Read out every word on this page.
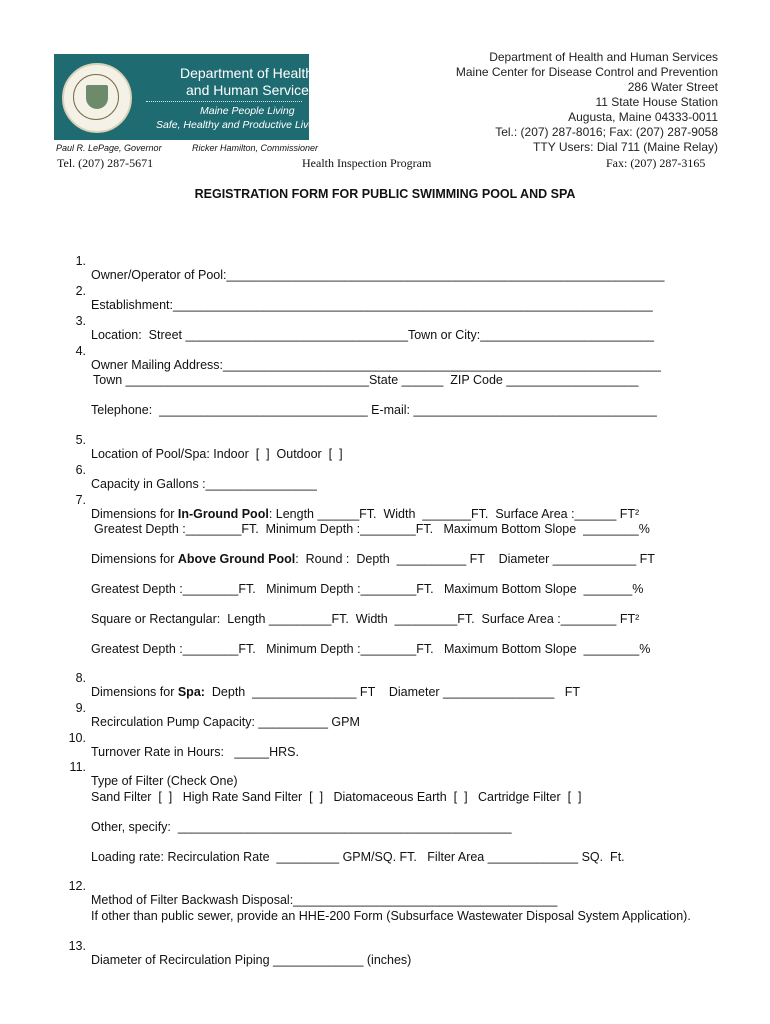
Department of Health
and Human Services
Maine People Living
Safe, Healthy and Productive Lives
Paul R. LePage, Governor	Ricker Hamilton, Commissioner
Department of Health and Human Services
Maine Center for Disease Control and Prevention
286 Water Street
11 State House Station
Augusta, Maine 04333-0011
Tel.: (207) 287-8016; Fax: (207) 287-9058
TTY Users: Dial 711 (Maine Relay)
Tel. (207) 287-5671	Health Inspection Program	Fax: (207) 287-3165
REGISTRATION FORM FOR PUBLIC SWIMMING POOL AND SPA

1.

Owner/Operator of Pool:_______________________________________________________________

2.

Establishment:_____________________________________________________________________

3.

Location:  Street ________________________________Town or City:_________________________

4.

Owner Mailing Address:_______________________________________________________________

Town ___________________________________State ______  ZIP Code ___________________

Telephone:  ______________________________ E-mail: ___________________________________

5.

Location of Pool/Spa: Indoor  [  ]  Outdoor  [  ]

6.

Capacity in Gallons :________________

7.

Dimensions for In-Ground Pool: Length ______FT.  Width  _______FT.  Surface Area :______ FT²

Greatest Depth :________FT.  Minimum Depth :________FT.   Maximum Bottom Slope  ________%

Dimensions for Above Ground Pool:  Round :  Depth  __________ FT    Diameter ____________ FT

Greatest Depth :________FT.   Minimum Depth :________FT.   Maximum Bottom Slope  _______%

Square or Rectangular:  Length _________FT.  Width  _________FT.  Surface Area :________ FT²

Greatest Depth :________FT.   Minimum Depth :________FT.   Maximum Bottom Slope  ________%

8.

Dimensions for Spa:  Depth  _______________ FT    Diameter ________________   FT

9.

Recirculation Pump Capacity: __________ GPM

10.

Turnover Rate in Hours:   _____HRS.

11.

Type of Filter (Check One)

Sand Filter  [  ]   High Rate Sand Filter  [  ]   Diatomaceous Earth  [  ]   Cartridge Filter  [  ]

Other, specify:  ________________________________________________

Loading rate: Recirculation Rate  _________ GPM/SQ. FT.   Filter Area _____________ SQ.  Ft.

12.

Method of Filter Backwash Disposal:______________________________________

If other than public sewer, provide an HHE-200 Form (Subsurface Wastewater Disposal System Application).

13.

Diameter of Recirculation Piping _____________ (inches)
